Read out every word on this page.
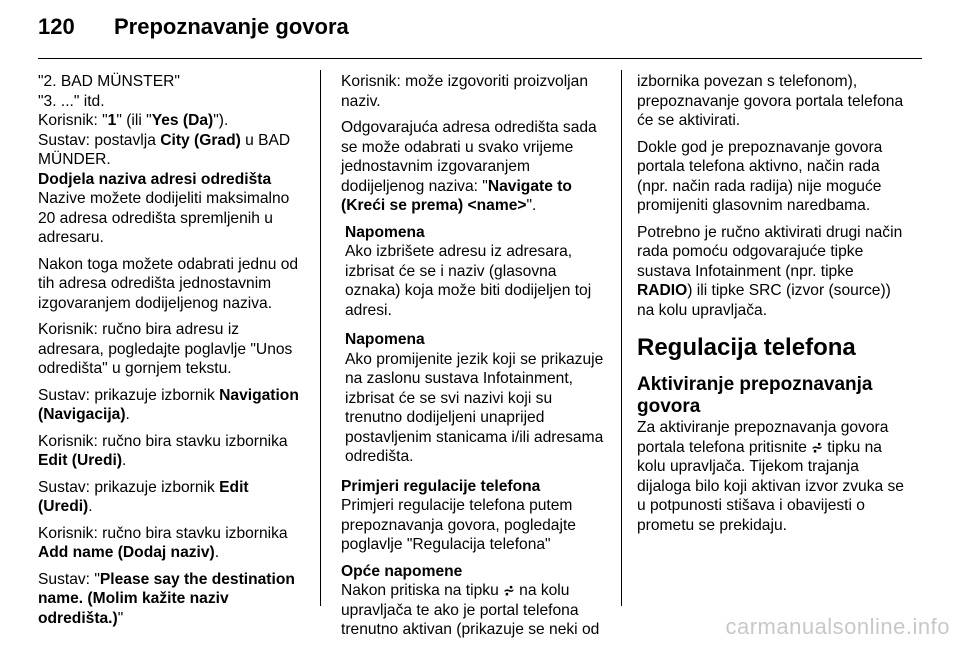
120	Prepoznavanje govora

"2. BAD MÜNSTER"

"3. ..." itd.

Korisnik: "1" (ili "Yes (Da)").

Sustav: postavlja City (Grad) u BAD MÜNDER.

Dodjela naziva adresi odredišta

Nazive možete dodijeliti maksimalno 20 adresa odredišta spremljenih u adresaru.

Nakon toga možete odabrati jednu od tih adresa odredišta jednostavnim izgovaranjem dodijeljenog naziva.

Korisnik: ručno bira adresu iz adresara, pogledajte poglavlje "Unos odredišta" u gornjem tekstu.

Sustav: prikazuje izbornik Navigation (Navigacija).

Korisnik: ručno bira stavku izbornika Edit (Uredi).

Sustav: prikazuje izbornik Edit (Uredi).

Korisnik: ručno bira stavku izbornika Add name (Dodaj naziv).

Sustav: "Please say the destination name. (Molim kažite naziv odredišta.)"

Korisnik: može izgovoriti proizvoljan naziv.

Odgovarajuća adresa odredišta sada se može odabrati u svako vrijeme jednostavnim izgovaranjem dodijeljenog naziva: "Navigate to (Kreći se prema) <name>".

Napomena

Ako izbrišete adresu iz adresara, izbrisat će se i naziv (glasovna oznaka) koja može biti dodijeljen toj adresi.

Napomena

Ako promijenite jezik koji se prikazuje na zaslonu sustava Infotainment, izbrisat će se svi nazivi koji su trenutno dodijeljeni unaprijed postavljenim stanicama i/ili adresama odredišta.

Primjeri regulacije telefona

Primjeri regulacije telefona putem prepoznavanja govora, pogledajte poglavlje "Regulacija telefona"

Opće napomene

Nakon pritiska na tipku ⩫ na kolu upravljača te ako je portal telefona trenutno aktivan (prikazuje se neki od

izbornika povezan s telefonom), prepoznavanje govora portala telefona će se aktivirati.

Dokle god je prepoznavanje govora portala telefona aktivno, način rada (npr. način rada radija) nije moguće promijeniti glasovnim naredbama.

Potrebno je ručno aktivirati drugi način rada pomoću odgovarajuće tipke sustava Infotainment (npr. tipke RADIO) ili tipke SRC (izvor (source)) na kolu upravljača.

Regulacija telefona
Aktiviranje prepoznavanja govora

Za aktiviranje prepoznavanja govora portala telefona pritisnite ⩫ tipku na kolu upravljača. Tijekom trajanja dijaloga bilo koji aktivan izvor zvuka se u potpunosti stišava i obavijesti o prometu se prekidaju.

carmanualsonline.info
